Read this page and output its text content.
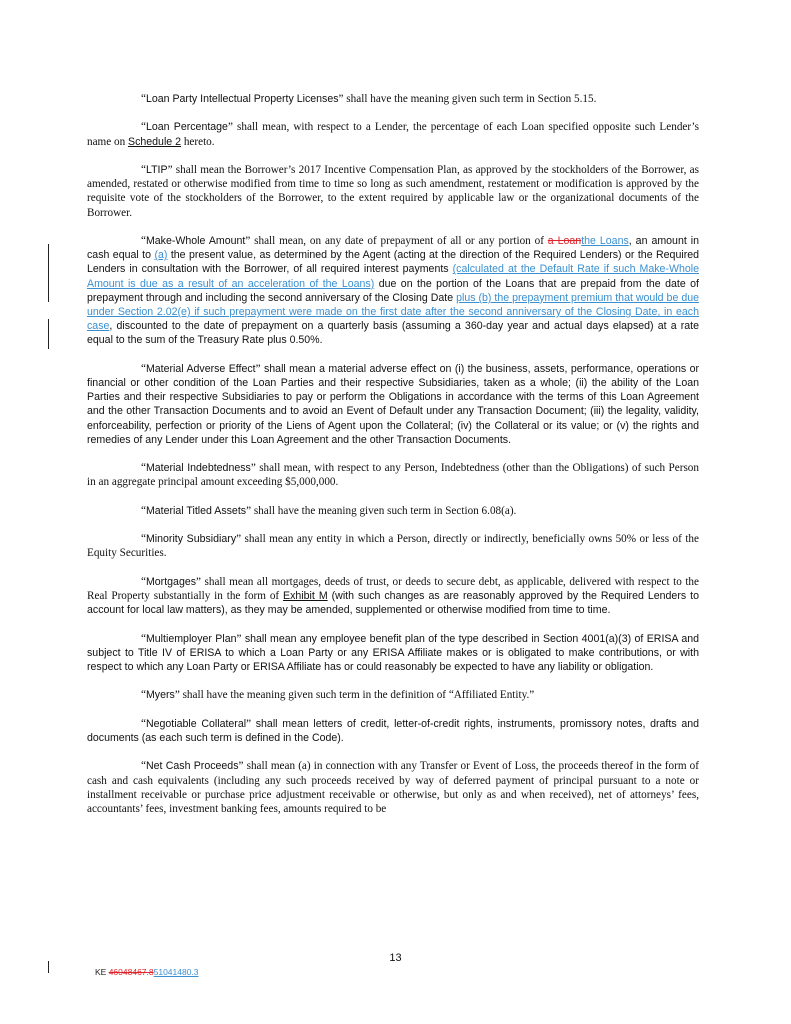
“Loan Party Intellectual Property Licenses” shall have the meaning given such term in Section 5.15.

“Loan Percentage” shall mean, with respect to a Lender, the percentage of each Loan specified opposite such Lender’s name on Schedule 2 hereto.

“LTIP” shall mean the Borrower’s 2017 Incentive Compensation Plan, as approved by the stockholders of the Borrower, as amended, restated or otherwise modified from time to time so long as such amendment, restatement or modification is approved by the requisite vote of the stockholders of the Borrower, to the extent required by applicable law or the organizational documents of the Borrower.

“Make-Whole Amount” shall mean, on any date of prepayment of all or any portion of a Loanthe Loans, an amount in cash equal to (a) the present value, as determined by the Agent (acting at the direction of the Required Lenders) or the Required Lenders in consultation with the Borrower, of all required interest payments (calculated at the Default Rate if such Make-Whole Amount is due as a result of an acceleration of the Loans) due on the portion of the Loans that are prepaid from the date of prepayment through and including the second anniversary of the Closing Date plus (b) the prepayment premium that would be due under Section 2.02(e) if such prepayment were made on the first date after the second anniversary of the Closing Date, in each case, discounted to the date of prepayment on a quarterly basis (assuming a 360-day year and actual days elapsed) at a rate equal to the sum of the Treasury Rate plus 0.50%.

“Material Adverse Effect” shall mean a material adverse effect on (i) the business, assets, performance, operations or financial or other condition of the Loan Parties and their respective Subsidiaries, taken as a whole; (ii) the ability of the Loan Parties and their respective Subsidiaries to pay or perform the Obligations in accordance with the terms of this Loan Agreement and the other Transaction Documents and to avoid an Event of Default under any Transaction Document; (iii) the legality, validity, enforceability, perfection or priority of the Liens of Agent upon the Collateral; (iv) the Collateral or its value; or (v) the rights and remedies of any Lender under this Loan Agreement and the other Transaction Documents.

“Material Indebtedness” shall mean, with respect to any Person, Indebtedness (other than the Obligations) of such Person in an aggregate principal amount exceeding $5,000,000.

“Material Titled Assets” shall have the meaning given such term in Section 6.08(a).

“Minority Subsidiary” shall mean any entity in which a Person, directly or indirectly, beneficially owns 50% or less of the Equity Securities.

“Mortgages” shall mean all mortgages, deeds of trust, or deeds to secure debt, as applicable, delivered with respect to the Real Property substantially in the form of Exhibit M (with such changes as are reasonably approved by the Required Lenders to account for local law matters), as they may be amended, supplemented or otherwise modified from time to time.

“Multiemployer Plan” shall mean any employee benefit plan of the type described in Section 4001(a)(3) of ERISA and subject to Title IV of ERISA to which a Loan Party or any ERISA Affiliate makes or is obligated to make contributions, or with respect to which any Loan Party or ERISA Affiliate has or could reasonably be expected to have any liability or obligation.

“Myers” shall have the meaning given such term in the definition of “Affiliated Entity.”

“Negotiable Collateral” shall mean letters of credit, letter-of-credit rights, instruments, promissory notes, drafts and documents (as each such term is defined in the Code).

“Net Cash Proceeds” shall mean (a) in connection with any Transfer or Event of Loss, the proceeds thereof in the form of cash and cash equivalents (including any such proceeds received by way of deferred payment of principal pursuant to a note or installment receivable or purchase price adjustment receivable or otherwise, but only as and when received), net of attorneys’ fees, accountants’ fees, investment banking fees, amounts required to be

13
KE 46048467.851041480.3
